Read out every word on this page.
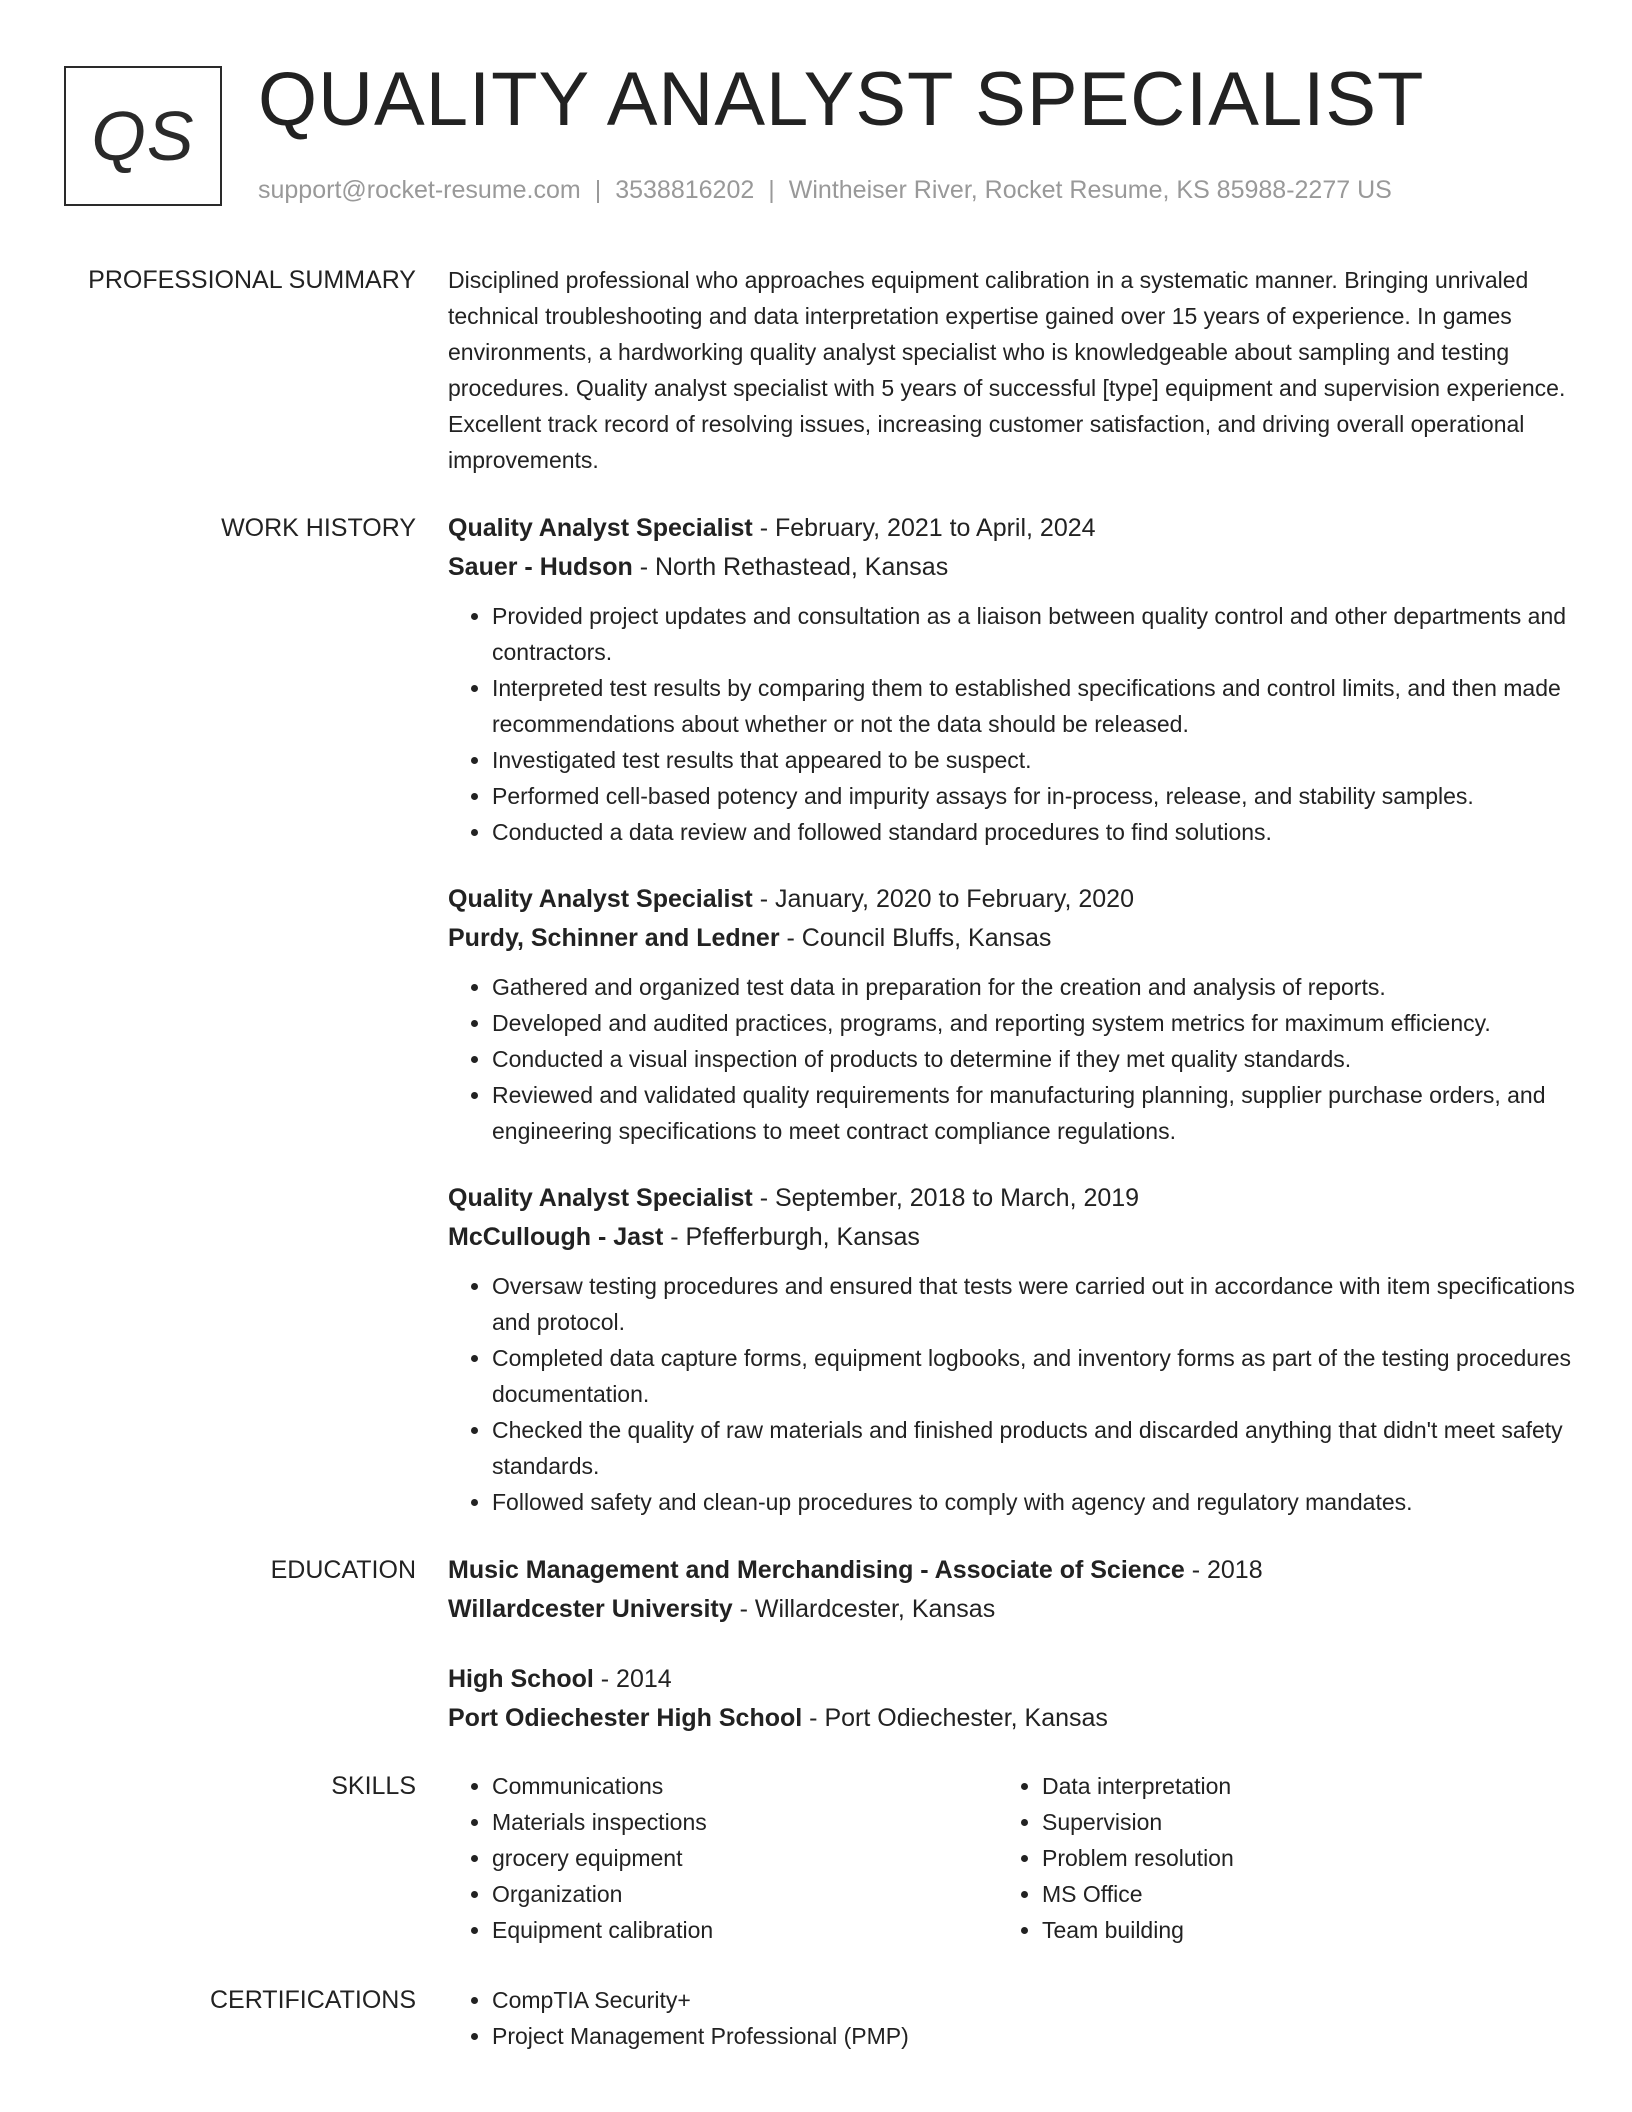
QS QUALITY ANALYST SPECIALIST
support@rocket-resume.com | 3538816202 | Wintheiser River, Rocket Resume, KS 85988-2277 US
PROFESSIONAL SUMMARY Disciplined professional who approaches equipment calibration in a systematic manner. Bringing unrivaled technical troubleshooting and data interpretation expertise gained over 15 years of experience. In games environments, a hardworking quality analyst specialist who is knowledgeable about sampling and testing procedures. Quality analyst specialist with 5 years of successful [type] equipment and supervision experience. Excellent track record of resolving issues, increasing customer satisfaction, and driving overall operational improvements.

WORK HISTORY Quality Analyst Specialist - February, 2021 to April, 2024
Sauer - Hudson - North Rethastead, Kansas
• Provided project updates and consultation as a liaison between quality control and other departments and contractors.
• Interpreted test results by comparing them to established specifications and control limits, and then made recommendations about whether or not the data should be released.
• Investigated test results that appeared to be suspect.
• Performed cell-based potency and impurity assays for in-process, release, and stability samples.
• Conducted a data review and followed standard procedures to find solutions.
Quality Analyst Specialist - January, 2020 to February, 2020
Purdy, Schinner and Ledner - Council Bluffs, Kansas
• Gathered and organized test data in preparation for the creation and analysis of reports.
• Developed and audited practices, programs, and reporting system metrics for maximum efficiency.
• Conducted a visual inspection of products to determine if they met quality standards.
• Reviewed and validated quality requirements for manufacturing planning, supplier purchase orders, and engineering specifications to meet contract compliance regulations.
Quality Analyst Specialist - September, 2018 to March, 2019
McCullough - Jast - Pfefferburgh, Kansas
• Oversaw testing procedures and ensured that tests were carried out in accordance with item specifications and protocol.
• Completed data capture forms, equipment logbooks, and inventory forms as part of the testing procedures documentation.
• Checked the quality of raw materials and finished products and discarded anything that didn't meet safety standards.
• Followed safety and clean-up procedures to comply with agency and regulatory mandates.
EDUCATION Music Management and Merchandising - Associate of Science - 2018
Willardcester University - Willardcester, Kansas
High School - 2014
Port Odiechester High School - Port Odiechester, Kansas
SKILLS	• Communications
• Materials inspections
• grocery equipment
• Organization
• Equipment calibration
• Data interpretation
• Supervision
• Problem resolution
• MS Office
• Team building
CERTIFICATIONS	• CompTIA Security+
• Project Management Professional (PMP)
